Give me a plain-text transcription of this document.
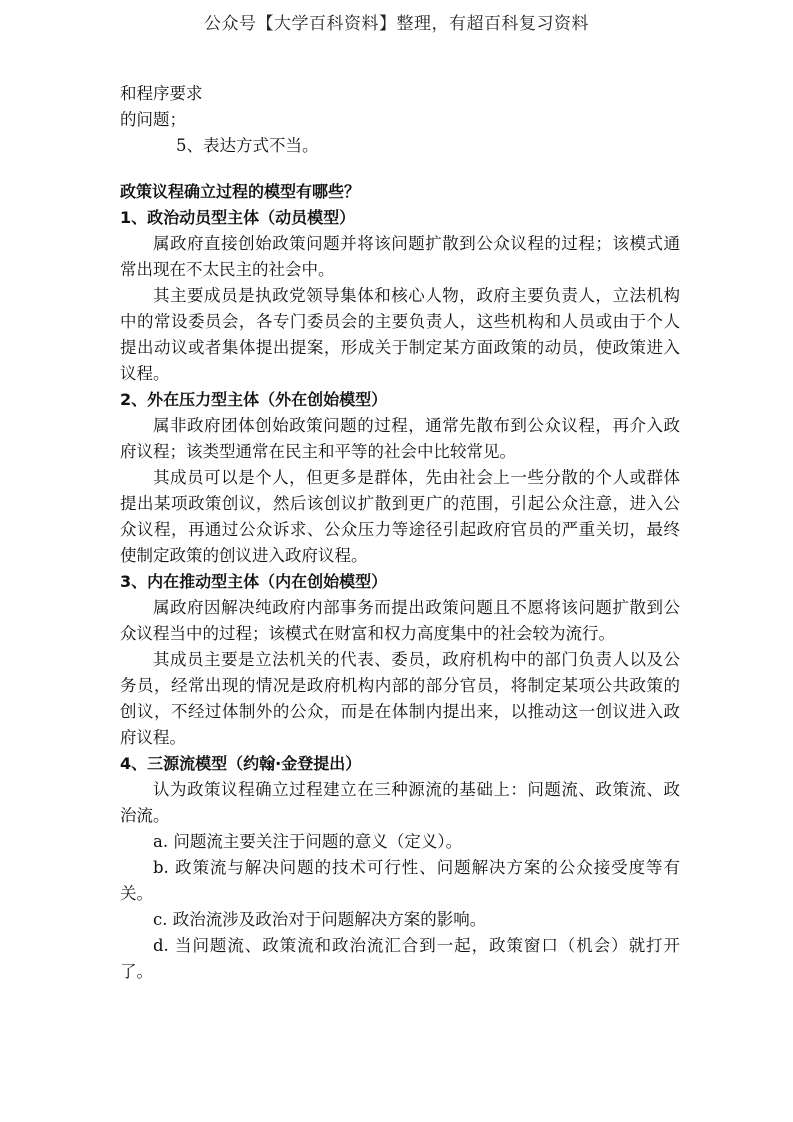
公众号【大学百科资料】整理，有超百科复习资料
和程序要求
的问题；
5、表达方式不当。
政策议程确立过程的模型有哪些？
1、政治动员型主体（动员模型）
属政府直接创始政策问题并将该问题扩散到公众议程的过程；该模式通常出现在不太民主的社会中。
其主要成员是执政党领导集体和核心人物，政府主要负责人，立法机构中的常设委员会，各专门委员会的主要负责人，这些机构和人员或由于个人提出动议或者集体提出提案，形成关于制定某方面政策的动员，使政策进入议程。
2、外在压力型主体（外在创始模型）
属非政府团体创始政策问题的过程，通常先散布到公众议程，再介入政府议程；该类型通常在民主和平等的社会中比较常见。
其成员可以是个人，但更多是群体，先由社会上一些分散的个人或群体提出某项政策创议，然后该创议扩散到更广的范围，引起公众注意，进入公众议程，再通过公众诉求、公众压力等途径引起政府官员的严重关切，最终使制定政策的创议进入政府议程。
3、内在推动型主体（内在创始模型）
属政府因解决纯政府内部事务而提出政策问题且不愿将该问题扩散到公众议程当中的过程；该模式在财富和权力高度集中的社会较为流行。
其成员主要是立法机关的代表、委员，政府机构中的部门负责人以及公务员，经常出现的情况是政府机构内部的部分官员，将制定某项公共政策的创议，不经过体制外的公众，而是在体制内提出来，以推动这一创议进入政府议程。
4、三源流模型（约翰·金登提出）
认为政策议程确立过程建立在三种源流的基础上：问题流、政策流、政治流。
a. 问题流主要关注于问题的意义（定义）。
b. 政策流与解决问题的技术可行性、问题解决方案的公众接受度等有关。
c. 政治流涉及政治对于问题解决方案的影响。
d. 当问题流、政策流和政治流汇合到一起，政策窗口（机会）就打开了。
